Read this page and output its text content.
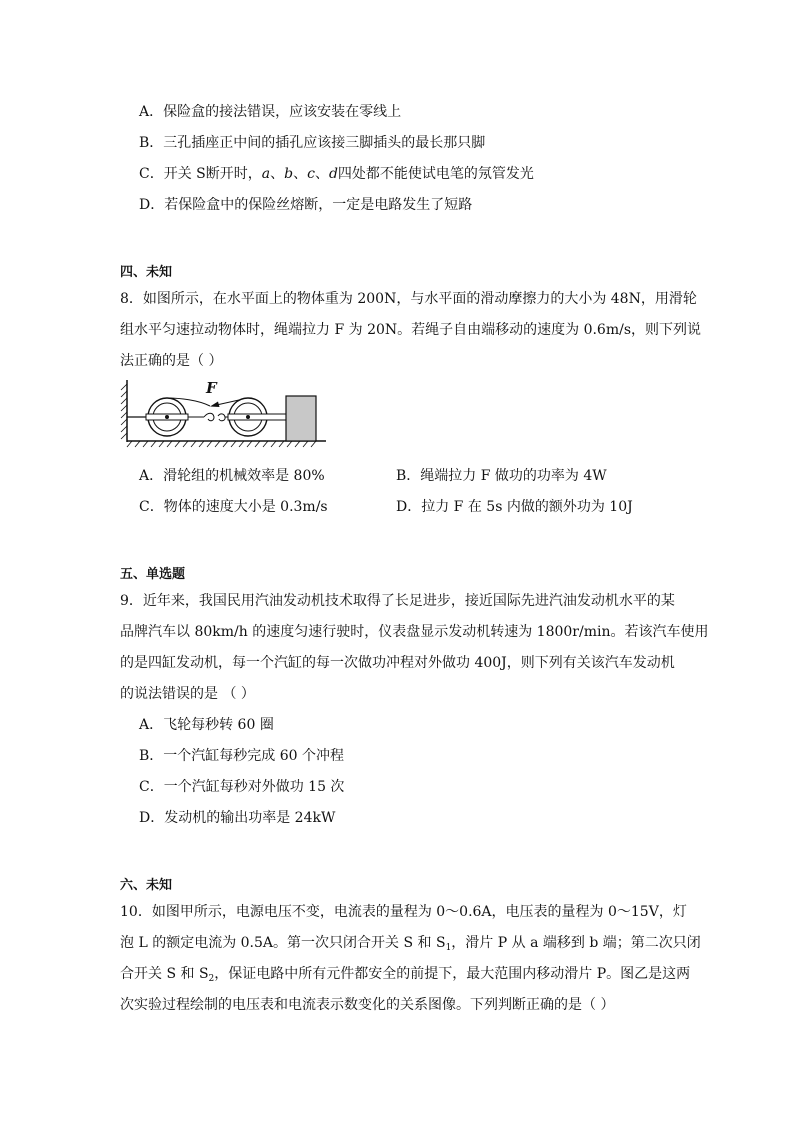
A．保险盒的接法错误，应该安装在零线上
B．三孔插座正中间的插孔应该接三脚插头的最长那只脚
C．开关 S断开时，a、b、c、d四处都不能使试电笔的氖管发光
D．若保险盒中的保险丝熔断，一定是电路发生了短路
四、未知
8．如图所示，在水平面上的物体重为 200N，与水平面的滑动摩擦力的大小为 48N，用滑轮
组水平匀速拉动物体时，绳端拉力 F 为 20N。若绳子自由端移动的速度为 0.6m/s，则下列说
法正确的是（ ）
F
A．滑轮组的机械效率是 80%	B．绳端拉力 F 做功的功率为 4W
C．物体的速度大小是 0.3m/s	D．拉力 F 在 5s 内做的额外功为 10J
五、单选题
9．近年来，我国民用汽油发动机技术取得了长足进步，接近国际先进汽油发动机水平的某
品牌汽车以 80km/h 的速度匀速行驶时，仪表盘显示发动机转速为 1800r/min。若该汽车使用
的是四缸发动机，每一个汽缸的每一次做功冲程对外做功 400J，则下列有关该汽车发动机
的说法错误的是 （ ）
A．飞轮每秒转 60 圈
B．一个汽缸每秒完成 60 个冲程
C．一个汽缸每秒对外做功 15 次
D．发动机的输出功率是 24kW
六、未知
10．如图甲所示，电源电压不变，电流表的量程为 0～0.6A，电压表的量程为 0～15V，灯
泡 L 的额定电流为 0.5A。第一次只闭合开关 S 和 $S_1$，滑片 P 从 a 端移到 b 端；第二次只闭
合开关 S 和 $S_2$，保证电路中所有元件都安全的前提下，最大范围内移动滑片 P。图乙是这两
次实验过程绘制的电压表和电流表示数变化的关系图像。下列判断正确的是（ ）
